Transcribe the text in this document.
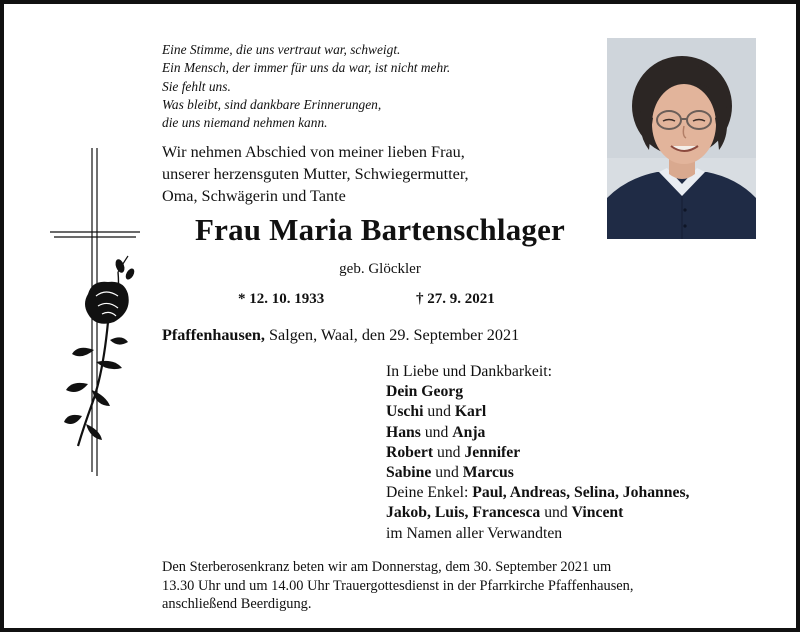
Eine Stimme, die uns vertraut war, schweigt.
Ein Mensch, der immer für uns da war, ist nicht mehr.
Sie fehlt uns.
Was bleibt, sind dankbare Erinnerungen,
die uns niemand nehmen kann.
Wir nehmen Abschied von meiner lieben Frau,
unserer herzensguten Mutter, Schwiegermutter,
Oma, Schwägerin und Tante
Frau Maria Bartenschlager
geb. Glöckler
* 12. 10. 1933	† 27. 9. 2021
Pfaffenhausen, Salgen, Waal, den 29. September 2021
In Liebe und Dankbarkeit:
Dein Georg
Uschi und Karl
Hans und Anja
Robert und Jennifer
Sabine und Marcus
Deine Enkel: Paul, Andreas, Selina, Johannes,
Jakob, Luis, Francesca und Vincent
im Namen aller Verwandten
Den Sterberosenkranz beten wir am Donnerstag, dem 30. September 2021 um
13.30 Uhr und um 14.00 Uhr Trauergottesdienst in der Pfarrkirche Pfaffenhausen,
anschließend Beerdigung.
